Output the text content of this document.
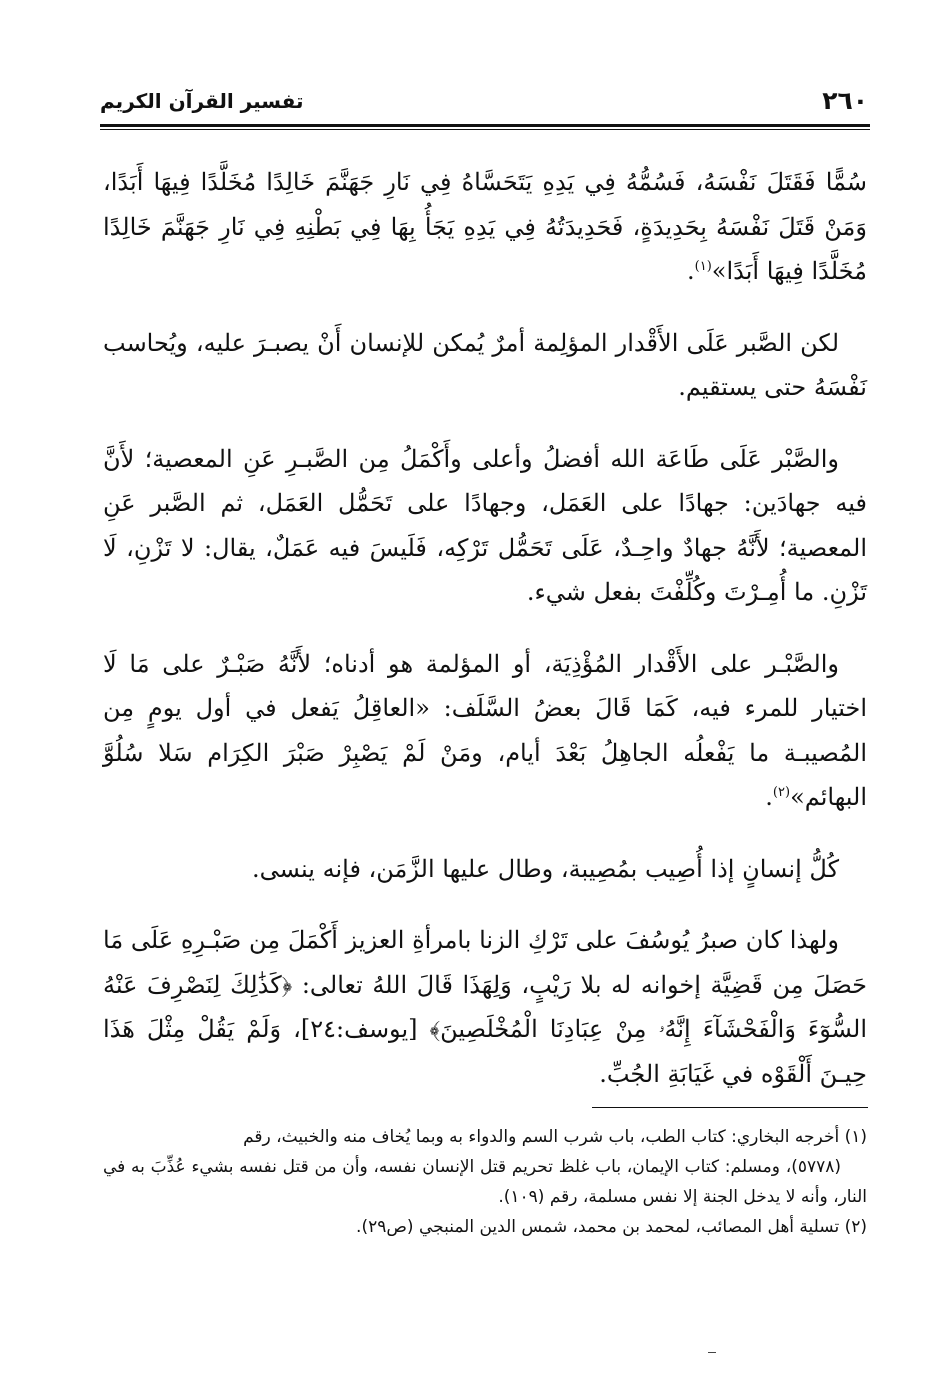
٢٦٠
تفسير القرآن الكريم

سُمًّا فَقَتَلَ نَفْسَهُ، فَسُمُّهُ فِي يَدِهِ يَتَحَسَّاهُ فِي نَارِ جَهَنَّمَ خَالِدًا مُخَلَّدًا فِيهَا أَبَدًا، وَمَنْ قَتَلَ نَفْسَهُ بِحَدِيدَةٍ، فَحَدِيدَتُهُ فِي يَدِهِ يَجَأُ بِهَا فِي بَطْنِهِ فِي نَارِ جَهَنَّمَ خَالِدًا مُخَلَّدًا فِيهَا أَبَدًا»$^{(١)}$.

لكن الصَّبر عَلَى الأَقْدار المؤلِمة أمرٌ يُمكن للإنسان أَنْ يصبـرَ عليه، ويُحاسب نَفْسَهُ حتى يستقيم.

والصَّبْر عَلَى طَاعَة الله أفضلُ وأعلى وأَكْمَلُ مِن الصَّبـرِ عَنِ المعصية؛ لأَنَّ فيه جهادَين: جهادًا على العَمَل، وجهادًا على تَحَمُّل العَمَل، ثم الصَّبر عَنِ المعصية؛ لأَنَّهُ جهادٌ واحِـدٌ، عَلَى تَحَمُّل تَرْكِه، فَلَيسَ فيه عَمَلٌ، يقال: لا تَزْنِ، لَا تَزْنِ. ما أُمِـرْتَ وكُلِّفْتَ بفعل شيء.

والصَّبْـر على الأَقْدار المُؤْذِيَة، أو المؤلمة هو أدناه؛ لأَنَّهُ صَبْـرٌ على مَا لَا اختيار للمرء فيه، كَمَا قَالَ بعضُ السَّلَف: «العاقِلُ يَفعل في أول يومٍ مِن المُصيبـة ما يَفْعلُه الجاهِلُ بَعْدَ أيام، ومَنْ لَمْ يَصْبِرْ صَبْرَ الكِرَام سَلا سُلُوَّ البهائم»$^{(٢)}$.

كُلُّ إنسانٍ إذا أُصِيب بمُصِيبة، وطال عليها الزَّمَن، فإنه ينسى.

ولهذا كان صبرُ يُوسُفَ على تَرْكِ الزنا بامرأةِ العزيز أَكْمَلَ مِن صَبْـرِهِ عَلَى مَا حَصَلَ مِن قَضِيَّة إخوانه له بلا رَيْبٍ، وَلِهَذَا قَالَ اللهُ تعالى: ﴿كَذَٰلِكَ لِنَصْرِفَ عَنْهُ السُّوٓءَ وَالْفَحْشَآءَ إِنَّهُۥ مِنْ عِبَادِنَا الْمُخْلَصِينَ﴾ [يوسف:٢٤]، وَلَمْ يَقُلْ مِثْلَ هَذَا حِيـنَ أَلْقَوْه في غَيَابَةِ الجُبِّ.

(١) أخرجه البخاري: كتاب الطب، باب شرب السم والدواء به وبما يُخاف منه والخبيث، رقم
(٥٧٧٨)، ومسلم: كتاب الإيمان، باب غلظ تحريم قتل الإنسان نفسه، وأن من قتل نفسه بشيء عُذِّبَ به في النار، وأنه لا يدخل الجنة إلا نفس مسلمة، رقم (١٠٩).

(٢) تسلية أهل المصائب، لمحمد بن محمد، شمس الدين المنبجي (ص٢٩).
